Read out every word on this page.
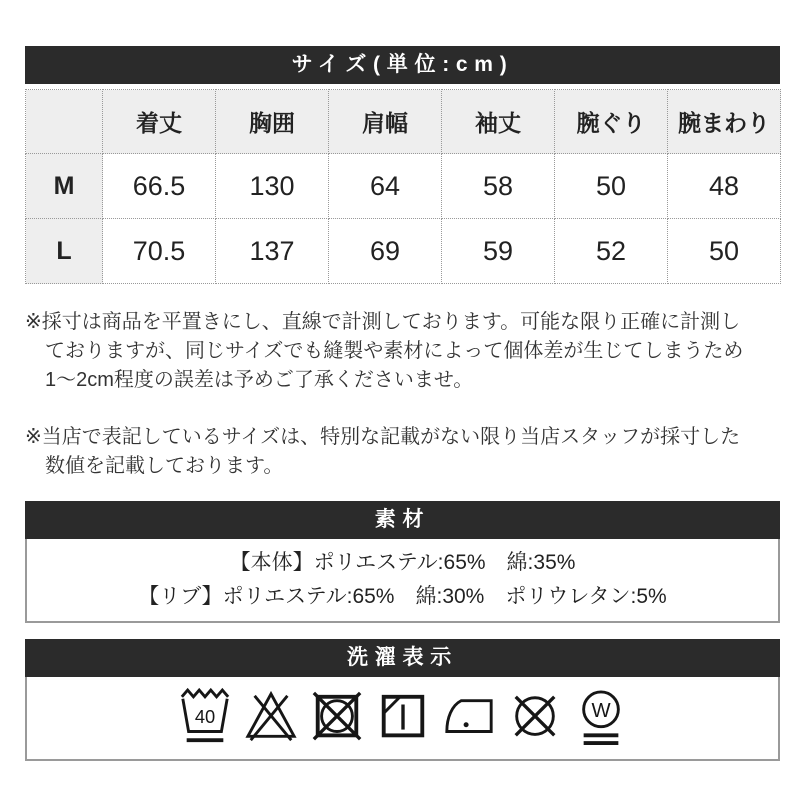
サイズ(単位:cm)
	着丈	胸囲	肩幅	袖丈	腕ぐり	腕まわり
M	66.5	130	64	58	50	48
L	70.5	137	69	59	52	50
※採寸は商品を平置きにし、直線で計測しております。可能な限り正確に計測し
ておりますが、同じサイズでも縫製や素材によって個体差が生じてしまうため
1〜2cm程度の誤差は予めご了承くださいませ。
※当店で表記しているサイズは、特別な記載がない限り当店スタッフが採寸した
数値を記載しております。
素材
【本体】ポリエステル:65%　綿:35%
【リブ】ポリエステル:65%　綿:30%　ポリウレタン:5%
洗濯表示
40	W
